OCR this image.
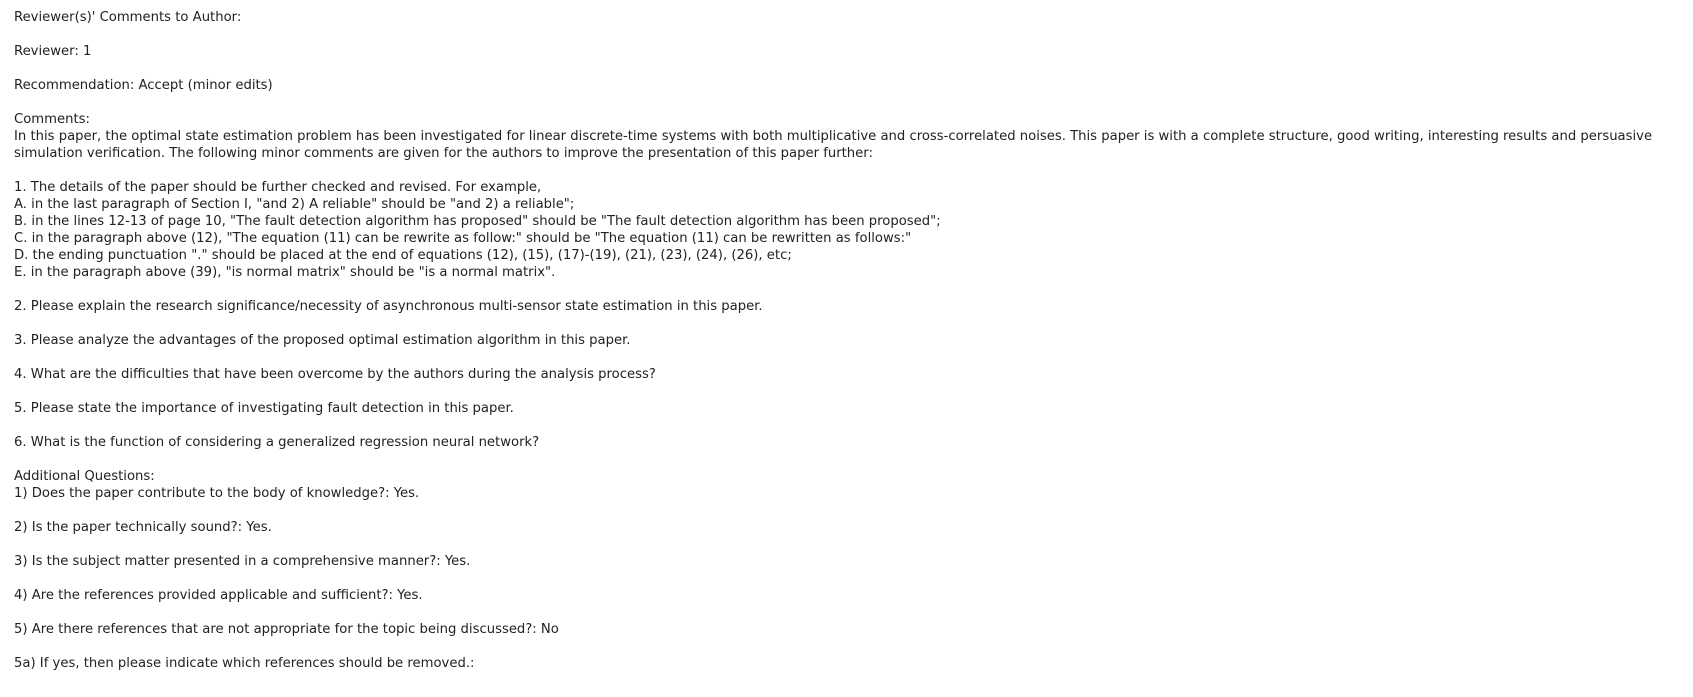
Reviewer(s)' Comments to Author:
Reviewer: 1
Recommendation: Accept (minor edits)
Comments:
In this paper, the optimal state estimation problem has been investigated for linear discrete-time systems with both multiplicative and cross-correlated noises. This paper is with a complete structure, good writing, interesting results and persuasive simulation verification. The following minor comments are given for the authors to improve the presentation of this paper further:
1. The details of the paper should be further checked and revised. For example,
A. in the last paragraph of Section I, "and 2) A reliable" should be "and 2) a reliable";
B. in the lines 12-13 of page 10, "The fault detection algorithm has proposed" should be "The fault detection algorithm has been proposed";
C. in the paragraph above (12), "The equation (11) can be rewrite as follow:" should be "The equation (11) can be rewritten as follows:"
D. the ending punctuation "." should be placed at the end of equations (12), (15), (17)-(19), (21), (23), (24), (26), etc;
E. in the paragraph above (39), "is normal matrix" should be "is a normal matrix".
2. Please explain the research significance/necessity of asynchronous multi-sensor state estimation in this paper.
3. Please analyze the advantages of the proposed optimal estimation algorithm in this paper.
4. What are the difficulties that have been overcome by the authors during the analysis process?
5. Please state the importance of investigating fault detection in this paper.
6. What is the function of considering a generalized regression neural network?
Additional Questions:
1) Does the paper contribute to the body of knowledge?: Yes.
2) Is the paper technically sound?: Yes.
3) Is the subject matter presented in a comprehensive manner?: Yes.
4) Are the references provided applicable and sufficient?: Yes.
5) Are there references that are not appropriate for the topic being discussed?: No
5a) If yes, then please indicate which references should be removed.:
